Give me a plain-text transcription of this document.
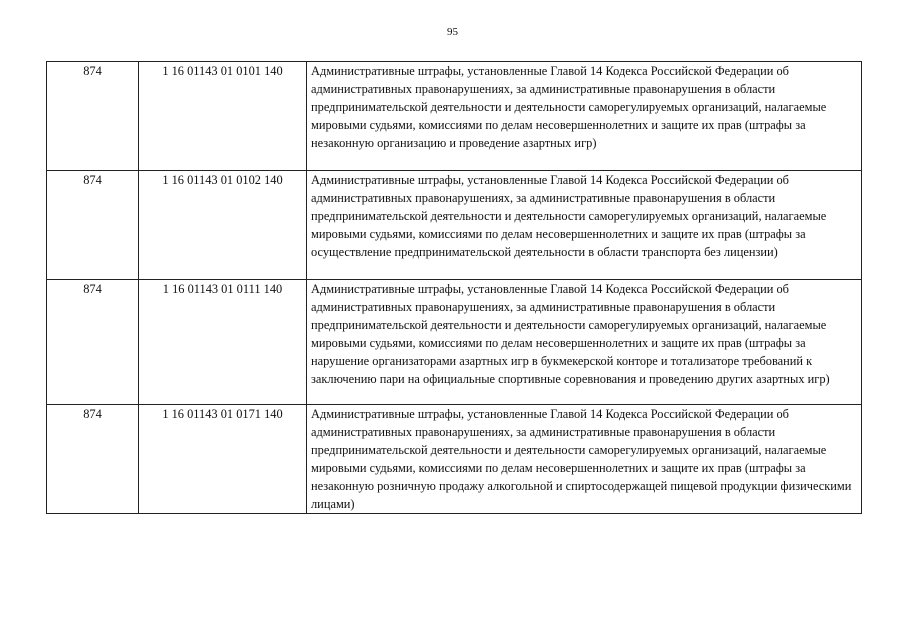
95
874	1 16 01143 01 0101 140	Административные штрафы, установленные Главой 14 Кодекса Российской Федерации об административных правонарушениях, за административные правонарушения в области предпринимательской деятельности и деятельности саморегулируемых организаций, налагаемые мировыми судьями, комиссиями по делам несовершеннолетних и защите их прав (штрафы за незаконную организацию и проведение азартных игр)
874	1 16 01143 01 0102 140	Административные штрафы, установленные Главой 14 Кодекса Российской Федерации об административных правонарушениях, за административные правонарушения в области предпринимательской деятельности и деятельности саморегулируемых организаций, налагаемые мировыми судьями, комиссиями по делам несовершеннолетних и защите их прав (штрафы за осуществление предпринимательской деятельности в области транспорта без лицензии)
874	1 16 01143 01 0111 140	Административные штрафы, установленные Главой 14 Кодекса Российской Федерации об административных правонарушениях, за административные правонарушения в области предпринимательской деятельности и деятельности саморегулируемых организаций, налагаемые мировыми судьями, комиссиями по делам несовершеннолетних и защите их прав (штрафы за нарушение организаторами азартных игр в букмекерской конторе и тотализаторе требований к заключению пари на официальные спортивные соревнования и проведению других азартных игр)
874	1 16 01143 01 0171 140	Административные штрафы, установленные Главой 14 Кодекса Российской Федерации об административных правонарушениях, за административные правонарушения в области предпринимательской деятельности и деятельности саморегулируемых организаций, налагаемые мировыми судьями, комиссиями по делам несовершеннолетних и защите их прав (штрафы за незаконную розничную продажу алкогольной и спиртосодержащей пищевой продукции физическими лицами)
